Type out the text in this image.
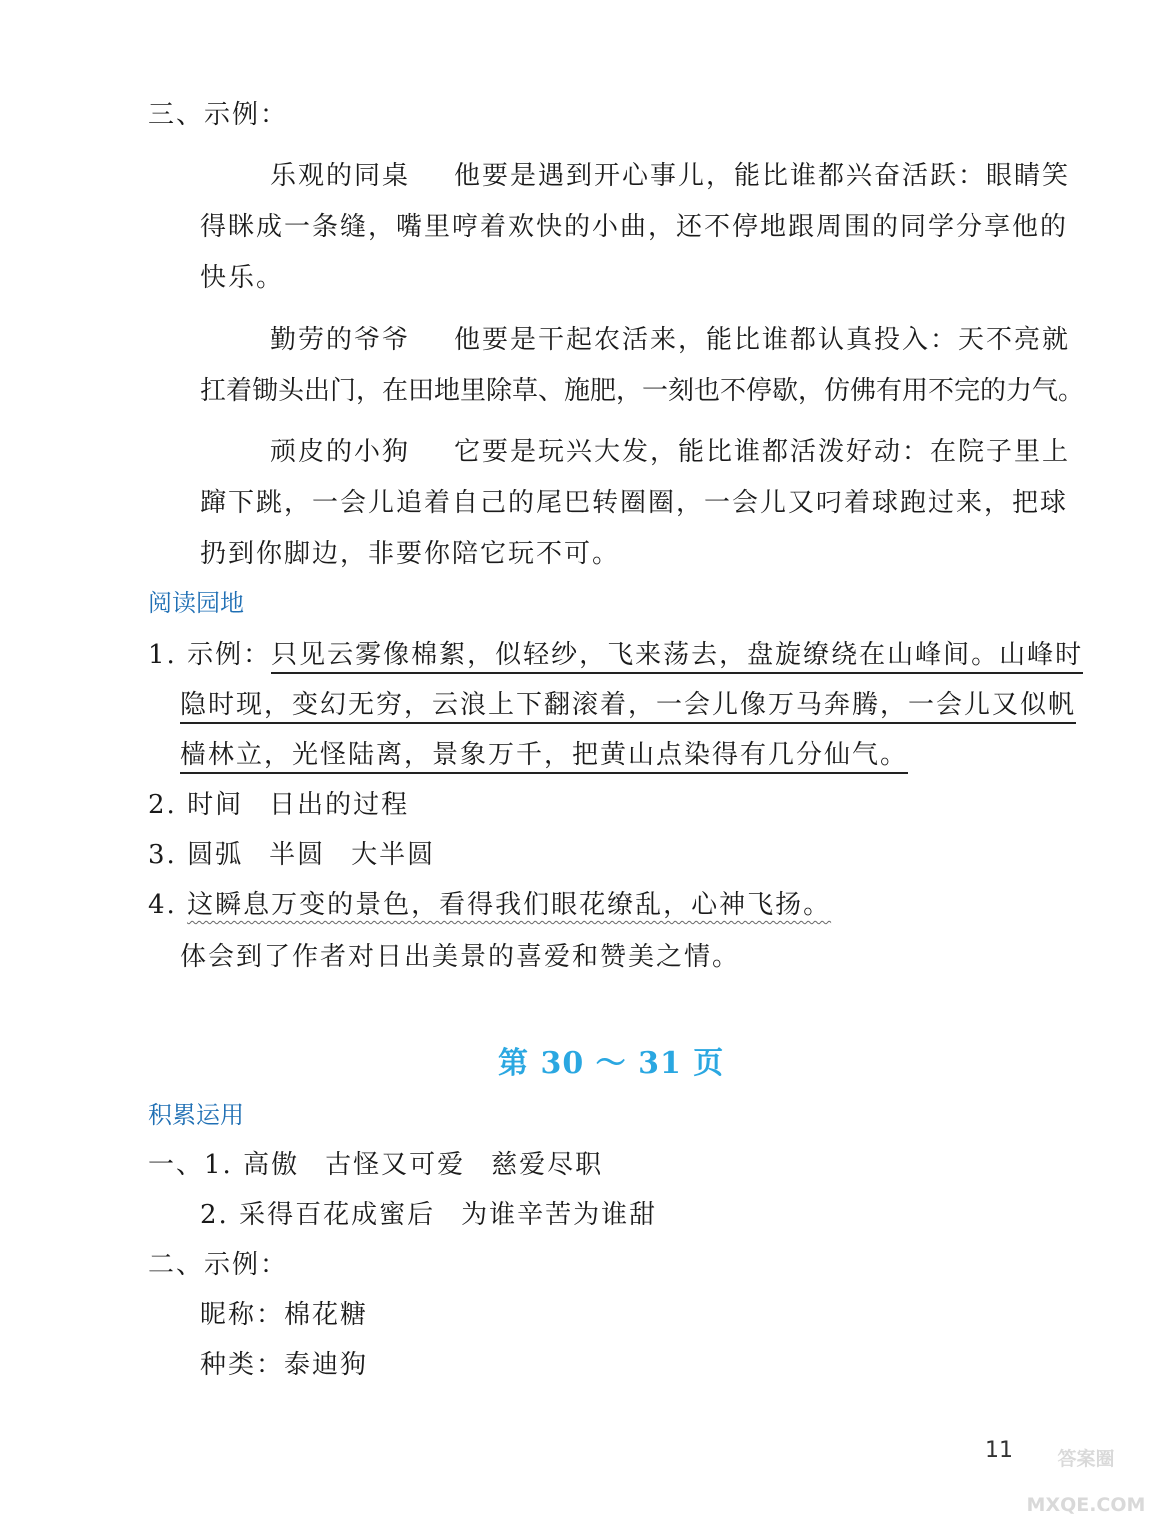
三、示例：
乐观的同桌 他要是遇到开心事儿，能比谁都兴奋活跃：眼睛笑
得眯成一条缝，嘴里哼着欢快的小曲，还不停地跟周围的同学分享他的
快乐。
勤劳的爷爷 他要是干起农活来，能比谁都认真投入：天不亮就
扛着锄头出门，在田地里除草、施肥，一刻也不停歇，仿佛有用不完的力气。
顽皮的小狗 它要是玩兴大发，能比谁都活泼好动：在院子里上
蹿下跳，一会儿追着自己的尾巴转圈圈，一会儿又叼着球跑过来，把球
扔到你脚边，非要你陪它玩不可。
阅读园地
1. 示例：只见云雾像棉絮，似轻纱，飞来荡去，盘旋缭绕在山峰间。山峰时
隐时现，变幻无穷，云浪上下翻滚着，一会儿像万马奔腾，一会儿又似帆
樯林立，光怪陆离，景象万千，把黄山点染得有几分仙气。
2. 时间 日出的过程
3. 圆弧 半圆 大半圆
4. 这瞬息万变的景色，看得我们眼花缭乱，心神飞扬。
体会到了作者对日出美景的喜爱和赞美之情。
第 30 ～ 31 页
积累运用
一、1. 高傲 古怪又可爱 慈爱尽职
2. 采得百花成蜜后 为谁辛苦为谁甜
二、示例：
昵称：棉花糖
种类：泰迪狗
11	答案圈 MXQE.COM
